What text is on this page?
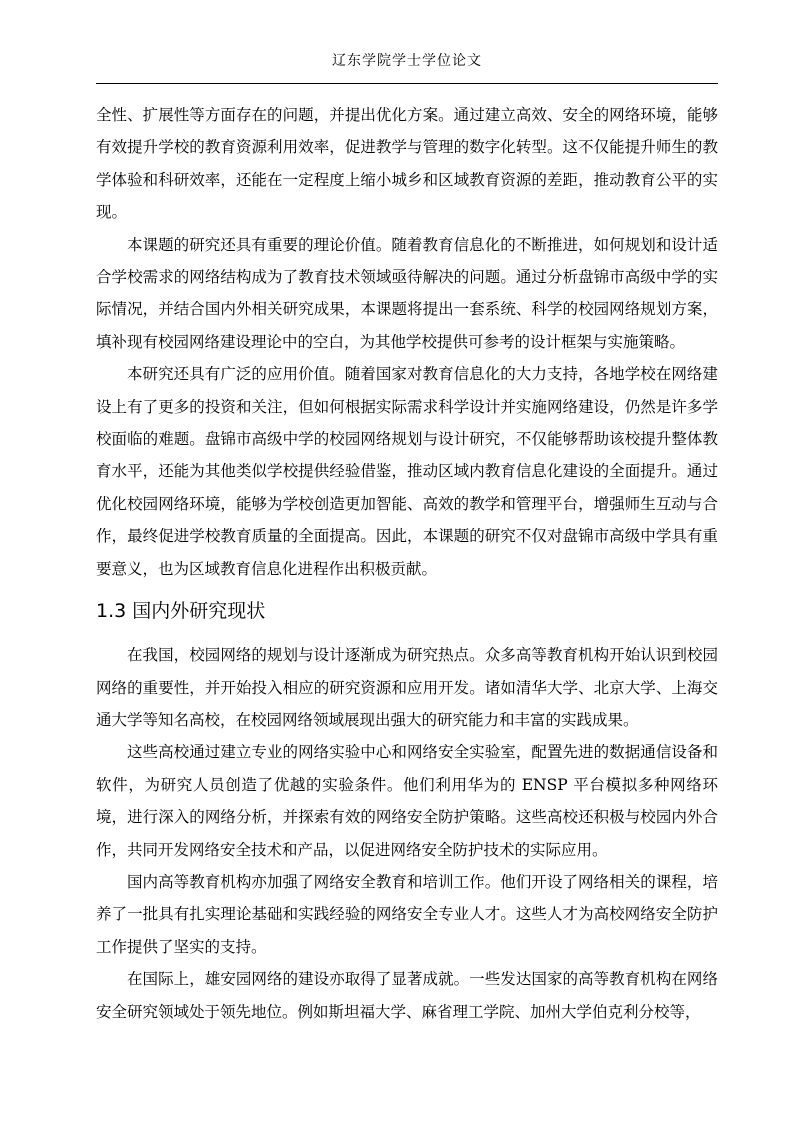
辽东学院学士学位论文

全性、扩展性等方面存在的问题，并提出优化方案。通过建立高效、安全的网络环境，能够有效提升学校的教育资源利用效率，促进教学与管理的数字化转型。这不仅能提升师生的教学体验和科研效率，还能在一定程度上缩小城乡和区域教育资源的差距，推动教育公平的实现。

本课题的研究还具有重要的理论价值。随着教育信息化的不断推进，如何规划和设计适合学校需求的网络结构成为了教育技术领域亟待解决的问题。通过分析盘锦市高级中学的实际情况，并结合国内外相关研究成果，本课题将提出一套系统、科学的校园网络规划方案，填补现有校园网络建设理论中的空白，为其他学校提供可参考的设计框架与实施策略。

本研究还具有广泛的应用价值。随着国家对教育信息化的大力支持，各地学校在网络建设上有了更多的投资和关注，但如何根据实际需求科学设计并实施网络建设，仍然是许多学校面临的难题。盘锦市高级中学的校园网络规划与设计研究，不仅能够帮助该校提升整体教育水平，还能为其他类似学校提供经验借鉴，推动区域内教育信息化建设的全面提升。通过优化校园网络环境，能够为学校创造更加智能、高效的教学和管理平台，增强师生互动与合作，最终促进学校教育质量的全面提高。因此，本课题的研究不仅对盘锦市高级中学具有重要意义，也为区域教育信息化进程作出积极贡献。

1.3 国内外研究现状

在我国，校园网络的规划与设计逐渐成为研究热点。众多高等教育机构开始认识到校园网络的重要性，并开始投入相应的研究资源和应用开发。诸如清华大学、北京大学、上海交通大学等知名高校，在校园网络领域展现出强大的研究能力和丰富的实践成果。

这些高校通过建立专业的网络实验中心和网络安全实验室，配置先进的数据通信设备和软件，为研究人员创造了优越的实验条件。他们利用华为的 ENSP 平台模拟多种网络环境，进行深入的网络分析，并探索有效的网络安全防护策略。这些高校还积极与校园内外合作，共同开发网络安全技术和产品，以促进网络安全防护技术的实际应用。

国内高等教育机构亦加强了网络安全教育和培训工作。他们开设了网络相关的课程，培养了一批具有扎实理论基础和实践经验的网络安全专业人才。这些人才为高校网络安全防护工作提供了坚实的支持。

在国际上，雄安园网络的建设亦取得了显著成就。一些发达国家的高等教育机构在网络安全研究领域处于领先地位。例如斯坦福大学、麻省理工学院、加州大学伯克利分校等，
